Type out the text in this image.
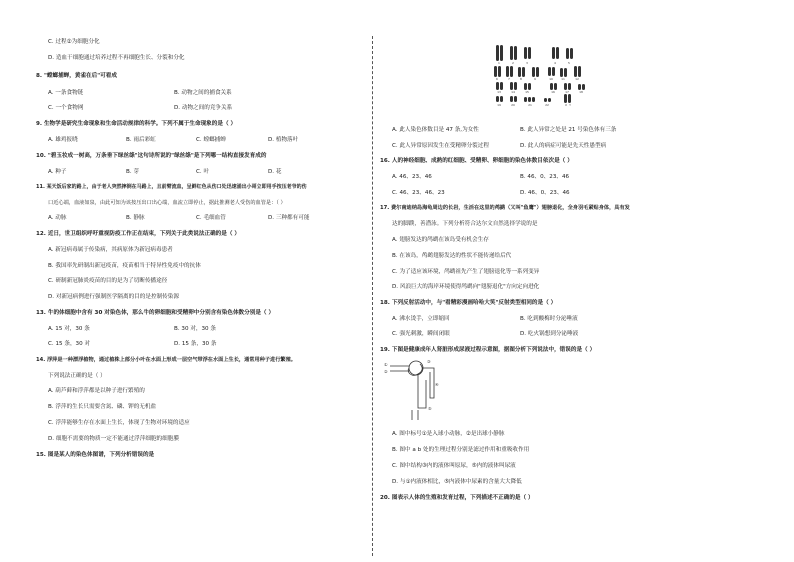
C. 过程②为细胞分化
D. 造血干细胞通过培养过程不再细胞生长、分裂和分化
8. "螳螂捕蝉，黄雀在后"可看成
A. 一条食物链	B. 动物之间的捕食关系
C. 一个食物网	D. 动物之间的竞争关系
9. 生物学是研究生命现象和生命活动规律的科学。下列不属于生命现象的是（ ）
A. 雄鸡报晓	B. 雨后彩虹	C. 螳螂捕蝉	D. 植物落叶
10. "碧玉妆成一树高，万条垂下绿丝绦"这句诗所说的"绿丝绦"是下列哪一结构直接发育成的
A. 种子	B. 芽	C. 叶	D. 花
11. 某天饭后家的路上，由于老人突然摔倒在马路上，且前臂流血，呈鲜红色从伤口处迅速涌出小哥立即用手按压老爷的伤
口近心端，血液如泉，由此可知为该按压出口出心端，血流立即停止，据此推测老人受伤的血管是：（ ）
A. 动脉	B. 静脉	C. 毛细血管	D. 三种都有可能
12. 近日，世卫组织呼吁重视防疫工作正在结束，下列关于此类说法正确的是（ ）
A. 新冠病毒属于传染病，其病原体为新冠病毒患者
B. 我国率先研制出新冠疫苗，疫苗相当于特异性免疫中的抗体
C. 研制新冠肺炎疫苗的目的是为了切断传播途径
D. 对新冠病例进行强制医学隔离的目的是控制传染源
13. 牛的体细胞中含有 30 对染色体，那么牛的卵细胞和受精卵中分别含有染色体数分别是（ ）
A. 15 对，30 条	B. 30 对，30 条
C. 15 条，30 对	D. 15 条，30 条
14. 浮萍是一种漂浮植物，通过植株上部分小叶在水面上形成一层空气带浮在水面上生长，通常用种子进行繁殖。
下列说法正确的是（ ）
A. 葫芦藓和浮萍都是以种子进行繁殖的
B. 浮萍的生长只需要含氮、磷、钾的无机盐
C. 浮萍能够生存在水面上生长，体现了生物对环境的适应
D. 细胞不需要的物质一定不能通过浮萍细胞的细胞膜
15. 图是某人的染色体图谱，下列分析错误的是
1	2	3	4	5
6	7	8	9	10	11	12
13	14	15	16	17	18
19	20	21	22	X Y
A. 此人染色体数目是 47 条,为女性	B. 此人异常之处是 21 号染色体有三条
C. 此人异常原因发生在受精卵分裂过程	D. 此人的病症可能是先天性愚型病
16. 人的神经细胞、成熟的红细胞、受精卵、卵细胞的染色体数目依次是（ ）
A. 46、23、46	B. 46、0、23、46
C. 46、23、46、23	D. 46、0、23、46
17. 费尔南迪纳岛海龟周边的长岩，生活在这里的鸬鹚（又叫"鱼鹰"）翅膀退化，全身羽毛紧贴身体，具有发
达的脚蹼，善潜泳。下列分析符合达尔文自然选择学说的是
A. 翅膀发达的鸬鹚在该岛受有机会生存
B. 在该岛，鸬鹚翅膀发达的性状不能传递给后代
C. 为了适应该环境，鸬鹚祖先产生了翅膀退化等一系列变异
D. 风浪巨大的海岸环境使得鸬鹚向"翅膀退化"方向定向进化
18. 下列反射活动中，与"看精彩漫画哈哈大笑"反射类型相同的是（ ）
A. 沸水烫手，立即缩回	B. 吃到酸梅时分泌唾液
C. 强光刺激，瞬间闭眼	D. 吃火锅想到分泌唾液
19. 下图是健康成年人肾脏形成尿液过程示意图，据图分析下列说法中，错误的是（ ）
①
②
③
④
⑤
A. 图中标号①是入球小动脉，②是出球小静脉
B. 图中 a b 处的生理过程分别是滤过作用和重吸收作用
C. 图中结构③内的液体叫原尿，⑤内的液体叫尿液
D. 与①内液体相比，⑤内液体中尿素的含量大大降低
20. 图表示人体的生殖和发育过程，下列描述不正确的是（ ）
